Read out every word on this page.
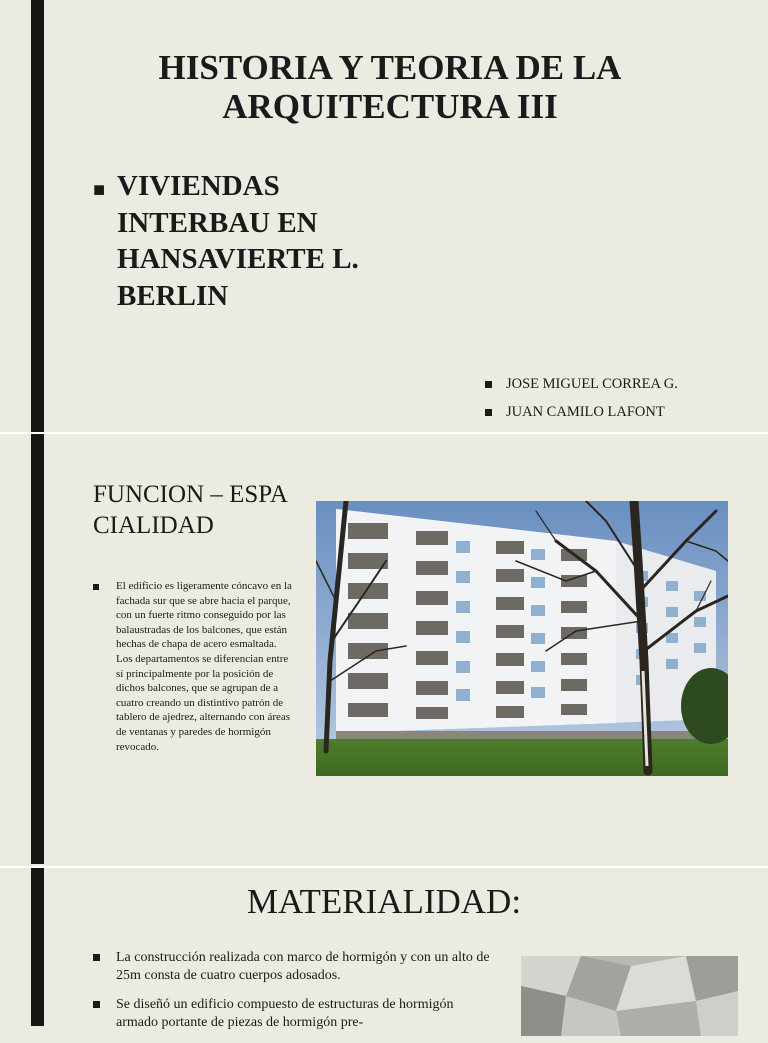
HISTORIA Y TEORIA DE LA ARQUITECTURA III
■ VIVIENDAS INTERBAU EN HANSAVIERTE L. BERLIN
JOSE MIGUEL CORREA G.
JUAN CAMILO LAFONT
FUNCION – ESPACIALIDAD
El edificio es ligeramente cóncavo en la fachada sur que se abre hacia el parque, con un fuerte ritmo conseguido por las balaustradas de los balcones, que están hechas de chapa de acero esmaltada. Los departamentos se diferencian entre sí principalmente por la posición de dichos balcones, que se agrupan de a cuatro creando un distintivo patrón de tablero de ajedrez, alternando con áreas de ventanas y paredes de hormigón revocado.
MATERIALIDAD:
La construcción realizada con marco de hormigón y con un alto de 25m consta de cuatro cuerpos adosados.
Se diseñó un edificio compuesto de estructuras de hormigón armado portante de piezas de hormigón pre-
